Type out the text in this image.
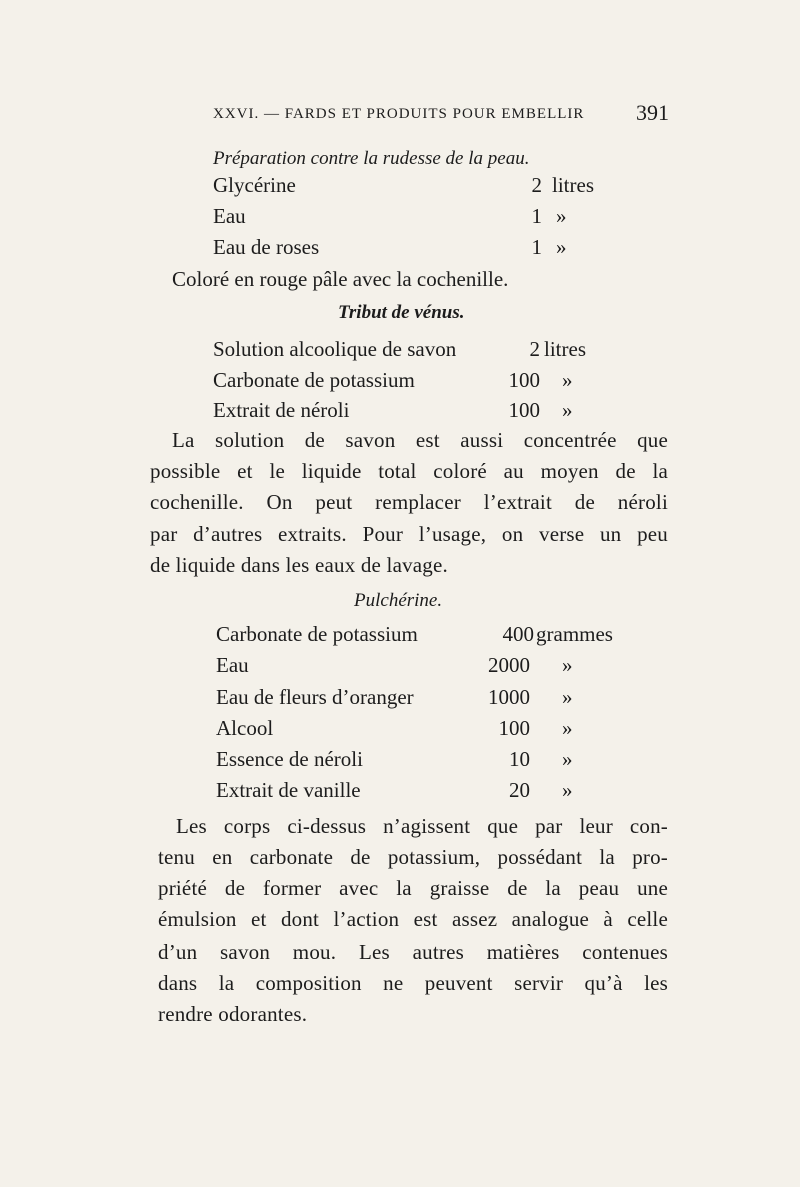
XXVI. — FARDS ET PRODUITS POUR EMBELLIR 391
Préparation contre la rudesse de la peau.
Glycérine	2 litres
Eau	1 »
Eau de roses	1 »
Coloré en rouge pâle avec la cochenille.
Tribut de vénus.
Solution alcoolique de savon	2 litres
Carbonate de potassium	100 »
Extrait de néroli	100 »
La solution de savon est aussi concentrée que
possible et le liquide total coloré au moyen de la
cochenille. On peut remplacer l’extrait de néroli
par d’autres extraits. Pour l’usage, on verse un peu
de liquide dans les eaux de lavage.
Pulchérine.
Carbonate de potassium	400 grammes
Eau	2000 »
Eau de fleurs d’oranger	1000 »
Alcool	100 »
Essence de néroli	10 »
Extrait de vanille	20 »
Les corps ci-dessus n’agissent que par leur con-
tenu en carbonate de potassium, possédant la pro-
priété de former avec la graisse de la peau une
émulsion et dont l’action est assez analogue à celle
d’un savon mou. Les autres matières contenues
dans la composition ne peuvent servir qu’à les
rendre odorantes.
